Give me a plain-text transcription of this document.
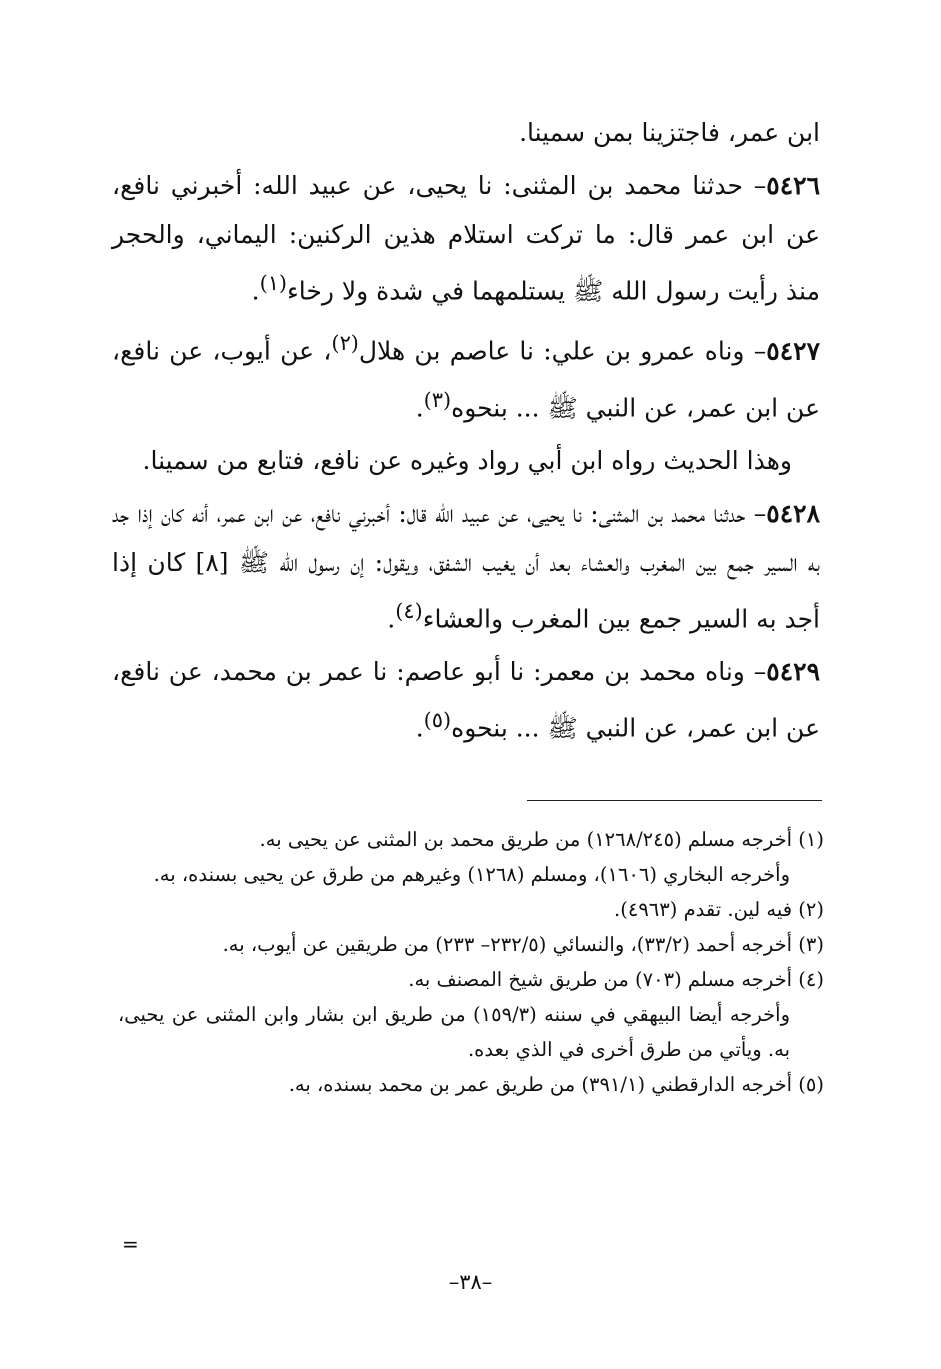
ابن عمر، فاجتزينا بمن سمينا.

٥٤٢٦– حدثنا محمد بن المثنى: نا يحيى، عن عبيد الله: أخبرني نافع، عن ابن عمر قال: ما تركت استلام هذين الركنين: اليماني، والحجر منذ رأيت رسول الله ﷺ يستلمهما في شدة ولا رخاء$^{(١)}$.

٥٤٢٧– وناه عمرو بن علي: نا عاصم بن هلال$^{(٢)}$، عن أيوب، عن نافع، عن ابن عمر، عن النبي ﷺ ... بنحوه$^{(٣)}$.

وهذا الحديث رواه ابن أبي رواد وغيره عن نافع، فتابع من سمينا.

٥٤٢٨– حدثنا محمد بن المثنى: نا يحيى، عن عبيد الله قال: أخبرني نافع، عن ابن عمر، أنه كان إذا جد به السير جمع بين المغرب والعشاء بعد أن يغيب الشفق، ويقول: إن رسول الله ﷺ [٨] كان إذا أجد به السير جمع بين المغرب والعشاء$^{(٤)}$.

٥٤٢٩– وناه محمد بن معمر: نا أبو عاصم: نا عمر بن محمد، عن نافع، عن ابن عمر، عن النبي ﷺ ... بنحوه$^{(٥)}$.

(١) أخرجه مسلم (١٢٦٨/٢٤٥) من طريق محمد بن المثنى عن يحيى به.

وأخرجه البخاري (١٦٠٦)، ومسلم (١٢٦٨) وغيرهم من طرق عن يحيى بسنده، به.

(٢) فيه لين. تقدم (٤٩٦٣).

(٣) أخرجه أحمد (٣٣/٢)، والنسائي (٢٣٢/٥– ٢٣٣) من طريقين عن أيوب، به.

(٤) أخرجه مسلم (٧٠٣) من طريق شيخ المصنف به.

وأخرجه أيضا البيهقي في سننه (١٥٩/٣) من طريق ابن بشار وابن المثنى عن يحيى، به. ويأتي من طرق أخرى في الذي بعده.

(٥) أخرجه الدارقطني (٣٩١/١) من طريق عمر بن محمد بسنده، به.

=
–٣٨–
